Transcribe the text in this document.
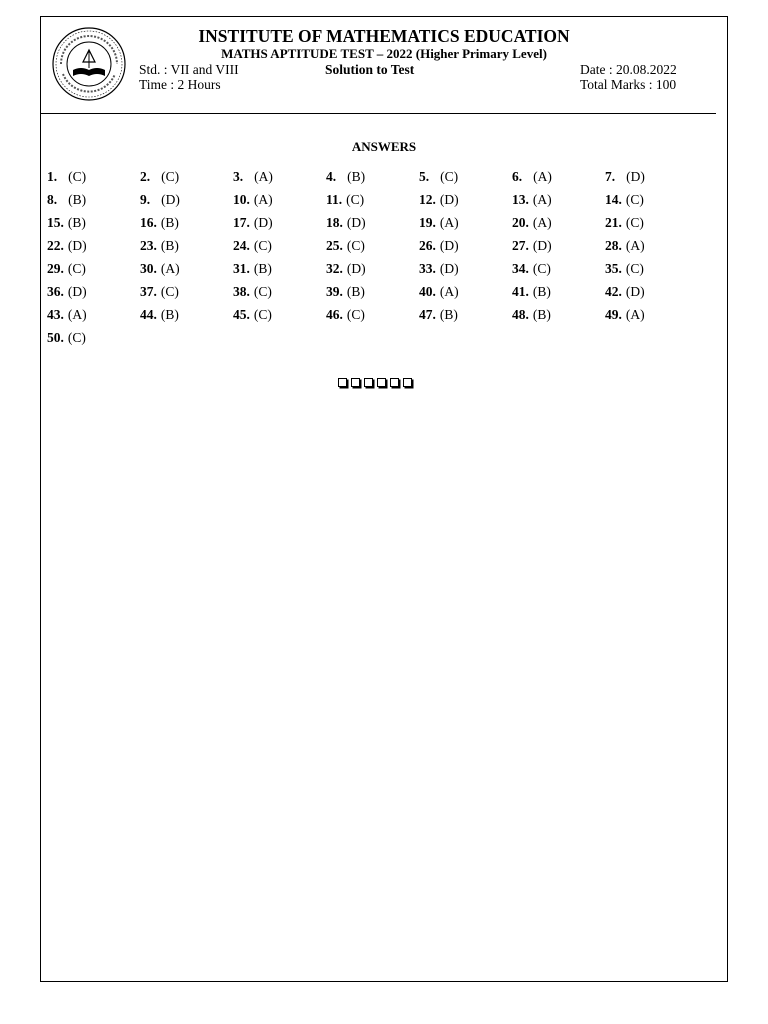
INSTITUTE OF MATHEMATICS EDUCATION
MATHS APTITUDE TEST – 2022 (Higher Primary Level)
Std. : VII and VIII
Time : 2 Hours
Solution to Test	Date : 20.08.2022
Total Marks : 100
ANSWERS
1. (C)	2. (C)	3. (A)	4. (B)	5. (C)	6. (A)	7. (D)
8. (B)	9. (D)	10. (A)	11. (C)	12. (D)	13. (A)	14. (C)
15. (B)	16. (B)	17. (D)	18. (D)	19. (A)	20. (A)	21. (C)
22. (D)	23. (B)	24. (C)	25. (C)	26. (D)	27. (D)	28. (A)
29. (C)	30. (A)	31. (B)	32. (D)	33. (D)	34. (C)	35. (C)
36. (D)	37. (C)	38. (C)	39. (B)	40. (A)	41. (B)	42. (D)
43. (A)	44. (B)	45. (C)	46. (C)	47. (B)	48. (B)	49. (A)
50. (C)
